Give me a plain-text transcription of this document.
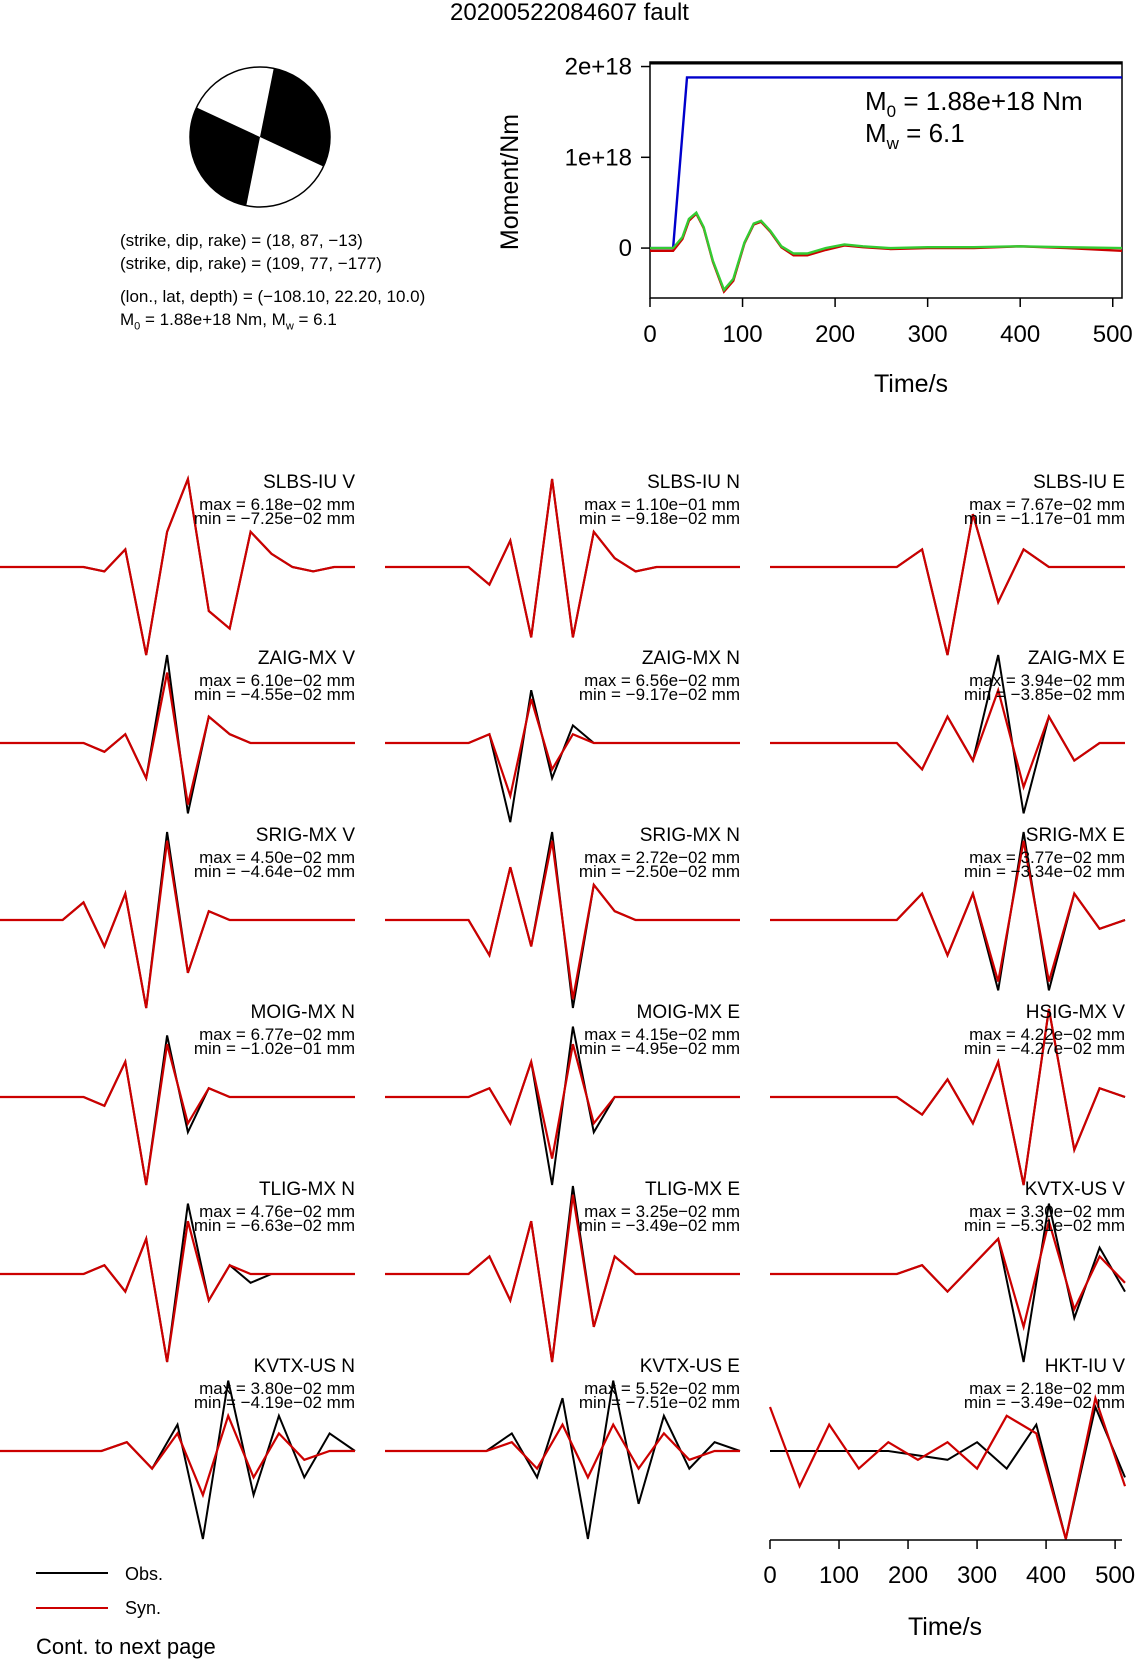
20200522084607 fault
(strike, dip, rake) = (18, 87, −13)
(strike, dip, rake) = (109, 77, −177)
(lon., lat, depth) = (−108.10, 22.20, 10.0)
$M_0 = 1.88e+18$ Nm, $M_w = 6.1$
0	100 200 300 400 500
0
1e+18
2e+18
Time/s
Moment/Nm
$M_0 = 1.88e+18$ Nm
$M_w = 6.1$
SLBS-IU V
max = 6.18e−02 mm
min = −7.25e−02 mm
SLBS-IU N
max = 1.10e−01 mm
min = −9.18e−02 mm
SLBS-IU E
max = 7.67e−02 mm
min = −1.17e−01 mm
ZAIG-MX V
max = 6.10e−02 mm
min = −4.55e−02 mm
ZAIG-MX N
max = 6.56e−02 mm
min = −9.17e−02 mm
ZAIG-MX E
max = 3.94e−02 mm
min = −3.85e−02 mm
SRIG-MX V
max = 4.50e−02 mm
min = −4.64e−02 mm
SRIG-MX N
max = 2.72e−02 mm
min = −2.50e−02 mm
SRIG-MX E
max = 3.77e−02 mm
min = −3.34e−02 mm
MOIG-MX N
max = 6.77e−02 mm
min = −1.02e−01 mm
MOIG-MX E
max = 4.15e−02 mm
min = −4.95e−02 mm
HSIG-MX V
max = 4.22e−02 mm
min = −4.27e−02 mm
TLIG-MX N
max = 4.76e−02 mm
min = −6.63e−02 mm
TLIG-MX E
max = 3.25e−02 mm
min = −3.49e−02 mm
KVTX-US V
max = 3.30e−02 mm
min = −5.31e−02 mm
KVTX-US N
max = 3.80e−02 mm
min = −4.19e−02 mm
KVTX-US E
max = 5.52e−02 mm
min = −7.51e−02 mm
HKT-IU V
max = 2.18e−02 mm
min = −3.49e−02 mm
0 100 200 300 400 500
Time/s
Obs.
Syn.
Cont. to next page
